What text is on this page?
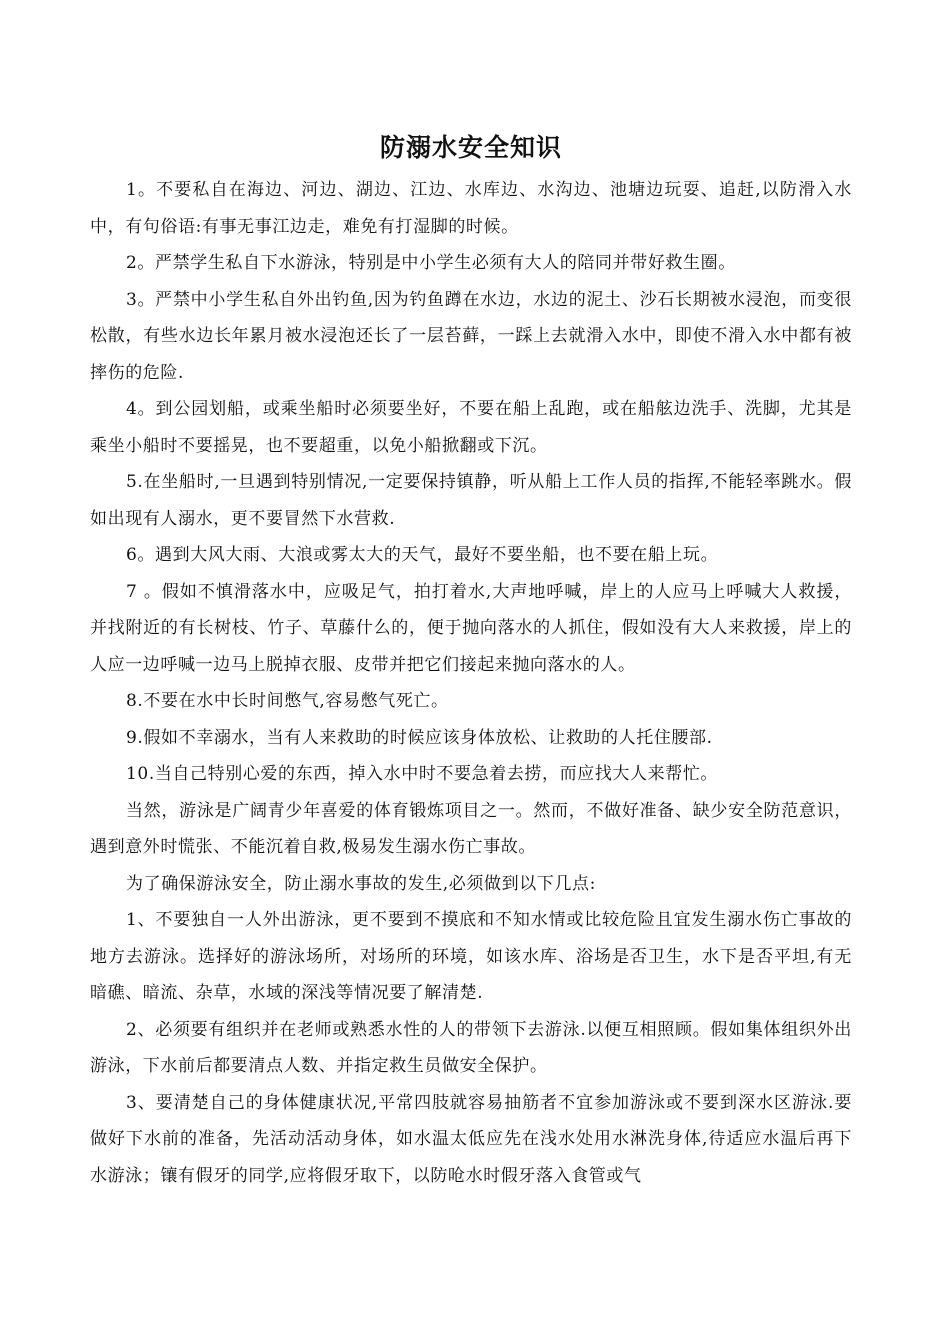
防溺水安全知识

1。不要私自在海边、河边、湖边、江边、水库边、水沟边、池塘边玩耍、追赶,以防滑入水中，有句俗语:有事无事江边走，难免有打湿脚的时候。

2。严禁学生私自下水游泳，特别是中小学生必须有大人的陪同并带好救生圈。

3。严禁中小学生私自外出钓鱼,因为钓鱼蹲在水边，水边的泥土、沙石长期被水浸泡，而变很松散，有些水边长年累月被水浸泡还长了一层苔藓，一踩上去就滑入水中，即使不滑入水中都有被摔伤的危险.

4。到公园划船，或乘坐船时必须要坐好，不要在船上乱跑，或在船舷边洗手、洗脚，尤其是乘坐小船时不要摇晃，也不要超重，以免小船掀翻或下沉。

5.在坐船时,一旦遇到特别情况,一定要保持镇静，听从船上工作人员的指挥,不能轻率跳水。假如出现有人溺水，更不要冒然下水营救.

6。遇到大风大雨、大浪或雾太大的天气，最好不要坐船，也不要在船上玩。

7 。假如不慎滑落水中，应吸足气，拍打着水,大声地呼喊，岸上的人应马上呼喊大人救援，并找附近的有长树枝、竹子、草藤什么的，便于抛向落水的人抓住，假如没有大人来救援，岸上的人应一边呼喊一边马上脱掉衣服、皮带并把它们接起来抛向落水的人。

8.不要在水中长时间憋气,容易憋气死亡。

9.假如不幸溺水，当有人来救助的时候应该身体放松、让救助的人托住腰部.

10.当自己特别心爱的东西，掉入水中时不要急着去捞，而应找大人来帮忙。

当然，游泳是广阔青少年喜爱的体育锻炼项目之一。然而，不做好准备、缺少安全防范意识，遇到意外时慌张、不能沉着自救,极易发生溺水伤亡事故。

为了确保游泳安全，防止溺水事故的发生,必须做到以下几点:

1、不要独自一人外出游泳，更不要到不摸底和不知水情或比较危险且宜发生溺水伤亡事故的地方去游泳。选择好的游泳场所，对场所的环境，如该水库、浴场是否卫生，水下是否平坦,有无暗礁、暗流、杂草，水域的深浅等情况要了解清楚.

2、必须要有组织并在老师或熟悉水性的人的带领下去游泳.以便互相照顾。假如集体组织外出游泳，下水前后都要清点人数、并指定救生员做安全保护。

3、要清楚自己的身体健康状况,平常四肢就容易抽筋者不宜参加游泳或不要到深水区游泳.要做好下水前的准备，先活动活动身体，如水温太低应先在浅水处用水淋洗身体,待适应水温后再下水游泳；镶有假牙的同学,应将假牙取下，以防呛水时假牙落入食管或气
